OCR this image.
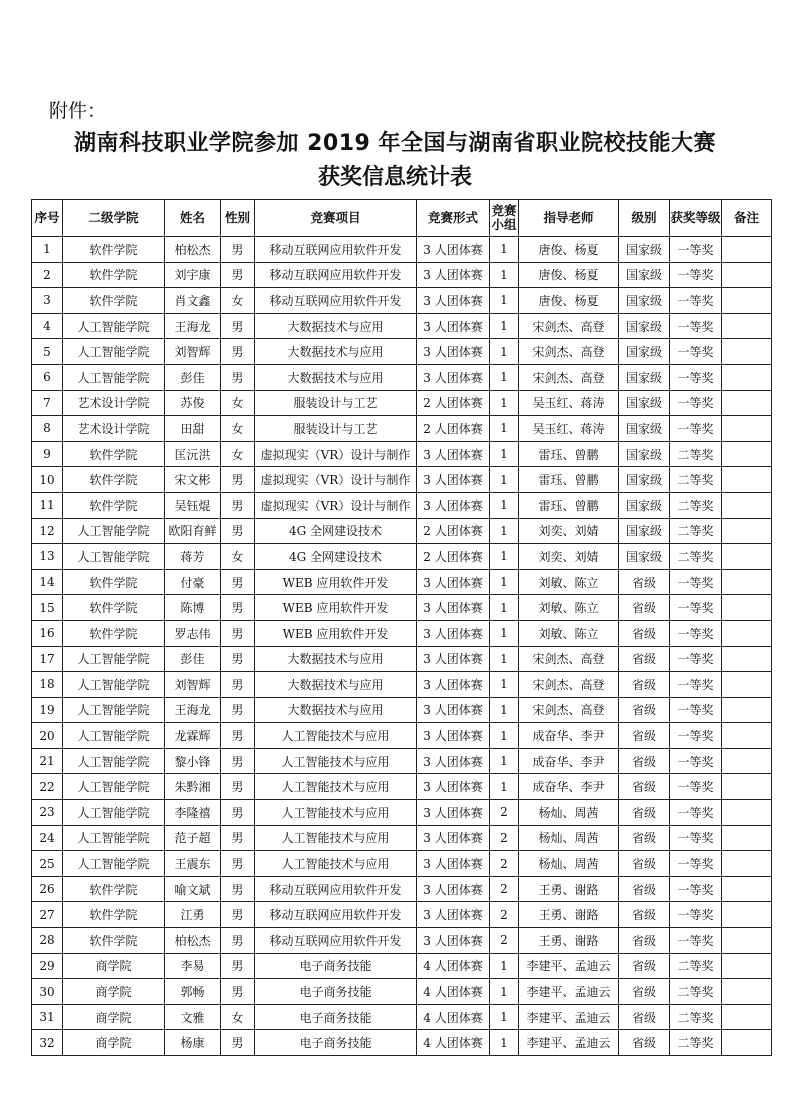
附件：
湖南科技职业学院参加 2019 年全国与湖南省职业院校技能大赛
获奖信息统计表
序号	二级学院	姓名	性别	竞赛项目	竞赛形式	竞赛小组	指导老师	级别	获奖等级	备注
1	软件学院	柏松杰	男	移动互联网应用软件开发	3 人团体赛	1	唐俊、杨夏	国家级	一等奖	
2	软件学院	刘宇康	男	移动互联网应用软件开发	3 人团体赛	1	唐俊、杨夏	国家级	一等奖	
3	软件学院	肖文鑫	女	移动互联网应用软件开发	3 人团体赛	1	唐俊、杨夏	国家级	一等奖	
4	人工智能学院	王海龙	男	大数据技术与应用	3 人团体赛	1	宋剑杰、高登	国家级	一等奖	
5	人工智能学院	刘智辉	男	大数据技术与应用	3 人团体赛	1	宋剑杰、高登	国家级	一等奖	
6	人工智能学院	彭佳	男	大数据技术与应用	3 人团体赛	1	宋剑杰、高登	国家级	一等奖	
7	艺术设计学院	苏俊	女	服装设计与工艺	2 人团体赛	1	吴玉红、蒋涛	国家级	一等奖	
8	艺术设计学院	田甜	女	服装设计与工艺	2 人团体赛	1	吴玉红、蒋涛	国家级	一等奖	
9	软件学院	匡沅洪	女	虚拟现实（VR）设计与制作	3 人团体赛	1	雷珏、曾鹏	国家级	二等奖	
10	软件学院	宋文彬	男	虚拟现实（VR）设计与制作	3 人团体赛	1	雷珏、曾鹏	国家级	二等奖	
11	软件学院	吴钰焜	男	虚拟现实（VR）设计与制作	3 人团体赛	1	雷珏、曾鹏	国家级	二等奖	
12	人工智能学院	欧阳育鲜	男	4G 全网建设技术	2 人团体赛	1	刘奕、刘婧	国家级	二等奖	
13	人工智能学院	蒋芳	女	4G 全网建设技术	2 人团体赛	1	刘奕、刘婧	国家级	二等奖	
14	软件学院	付豪	男	WEB 应用软件开发	3 人团体赛	1	刘敏、陈立	省级	一等奖	
15	软件学院	陈博	男	WEB 应用软件开发	3 人团体赛	1	刘敏、陈立	省级	一等奖	
16	软件学院	罗志伟	男	WEB 应用软件开发	3 人团体赛	1	刘敏、陈立	省级	一等奖	
17	人工智能学院	彭佳	男	大数据技术与应用	3 人团体赛	1	宋剑杰、高登	省级	一等奖	
18	人工智能学院	刘智辉	男	大数据技术与应用	3 人团体赛	1	宋剑杰、高登	省级	一等奖	
19	人工智能学院	王海龙	男	大数据技术与应用	3 人团体赛	1	宋剑杰、高登	省级	一等奖	
20	人工智能学院	龙霖辉	男	人工智能技术与应用	3 人团体赛	1	成奋华、李尹	省级	一等奖	
21	人工智能学院	黎小锋	男	人工智能技术与应用	3 人团体赛	1	成奋华、李尹	省级	一等奖	
22	人工智能学院	朱黔湘	男	人工智能技术与应用	3 人团体赛	1	成奋华、李尹	省级	一等奖	
23	人工智能学院	李隆禧	男	人工智能技术与应用	3 人团体赛	2	杨灿、周茜	省级	一等奖	
24	人工智能学院	范子超	男	人工智能技术与应用	3 人团体赛	2	杨灿、周茜	省级	一等奖	
25	人工智能学院	王震东	男	人工智能技术与应用	3 人团体赛	2	杨灿、周茜	省级	一等奖	
26	软件学院	喻文斌	男	移动互联网应用软件开发	3 人团体赛	2	王勇、谢路	省级	一等奖	
27	软件学院	江勇	男	移动互联网应用软件开发	3 人团体赛	2	王勇、谢路	省级	一等奖	
28	软件学院	柏松杰	男	移动互联网应用软件开发	3 人团体赛	2	王勇、谢路	省级	一等奖	
29	商学院	李易	男	电子商务技能	4 人团体赛	1	李建平、孟迪云	省级	二等奖	
30	商学院	郭畅	男	电子商务技能	4 人团体赛	1	李建平、孟迪云	省级	二等奖	
31	商学院	文雅	女	电子商务技能	4 人团体赛	1	李建平、孟迪云	省级	二等奖	
32	商学院	杨康	男	电子商务技能	4 人团体赛	1	李建平、孟迪云	省级	二等奖	
